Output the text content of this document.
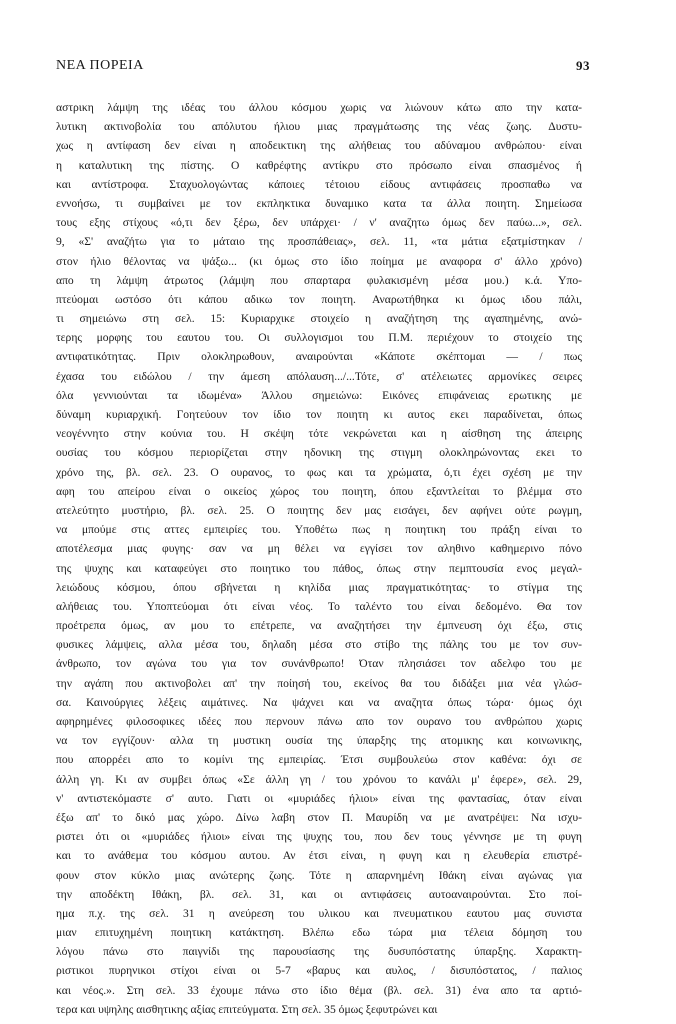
ΝΕΑ ΠΟΡΕΙΑ	93
αστρικη λάμψη της ιδέας του άλλου κόσμου χωρις να λιώνουν κάτω απο την κατα-
λυτικη ακτινοβολία του απόλυτου ήλιου μιας πραγμάτωσης της νέας ζωης. Δυστυ-
χως η αντίφαση δεν είναι η αποδεικτικη της αλήθειας του αδύναμου ανθρώπου· είναι
η καταλυτικη της πίστης. Ο καθρέφτης αντίκρυ στο πρόσωπο είναι σπασμένος ή
και αντίστροφα. Σταχυολογώντας κάποιες τέτοιου είδους αντιφάσεις προσπαθω να
εννοήσω, τι συμβαίνει με τον εκπληκτικα δυναμικο κατα τα άλλα ποιητη. Σημείωσα
τους εξης στίχους «ό,τι δεν ξέρω, δεν υπάρχει· / ν' αναζητω όμως δεν παύω...», σελ.
9, «Σ' αναζήτω για το μάταιο της προσπάθειας», σελ. 11, «τα μάτια εξατμίστηκαν /
στον ήλιο θέλοντας να ψάξω... (κι όμως στο ίδιο ποίημα με αναφορα σ' άλλο χρόνο)
απο τη λάμψη άτρωτος (λάμψη που σπαρταρα φυλακισμένη μέσα μου.) κ.ά. Υπο-
πτεύομαι ωστόσο ότι κάπου αδικω τον ποιητη. Αναρωτήθηκα κι όμως ιδου πάλι,
τι σημειώνω στη σελ. 15: Κυριαρχικε στοιχείο η αναζήτηση της αγαπημένης, ανώ-
τερης μορφης του εαυτου του. Οι συλλογισμοι του Π.Μ. περιέχουν το στοιχείο της
αντιφατικότητας. Πριν ολοκληρωθουν, αναιρούνται «Κάποτε σκέπτομαι — / πως
έχασα του ειδώλου / την άμεση απόλαυση.../...Τότε, σ' ατέλειωτες αρμονίκες σειρες
όλα γεννιούνται τα ιδωμένα» Άλλου σημειώνω: Εικόνες επιφάνειας ερωτικης με
δύναμη κυριαρχική. Γοητεύουν τον ίδιο τον ποιητη κι αυτος εκει παραδίνεται, όπως
νεογέννητο στην κούνια του. Η σκέψη τότε νεκρώνεται και η αίσθηση της άπειρης
ουσίας του κόσμου περιορίζεται στην ηδονικη της στιγμη ολοκληρώνοντας εκει το
χρόνο της, βλ. σελ. 23. Ο ουρανος, το φως και τα χρώματα, ό,τι έχει σχέση με την
αφη του απείρου είναι ο οικείος χώρος του ποιητη, όπου εξαντλείται το βλέμμα στο
ατελεύτητο μυστήριο, βλ. σελ. 25. Ο ποιητης δεν μας εισάγει, δεν αφήνει ούτε ρωγμη,
να μπούμε στις αττες εμπειρίες του. Υποθέτω πως η ποιητικη του πράξη είναι το
αποτέλεσμα μιας φυγης· σαν να μη θέλει να εγγίσει τον αληθινο καθημερινο πόνο
της ψυχης και καταφεύγει στο ποιητικο του πάθος, όπως στην πεμπτουσία ενος μεγαλ-
λειώδους κόσμου, όπου σβήνεται η κηλίδα μιας πραγματικότητας· το στίγμα της
αλήθειας του. Υποπτεύομαι ότι είναι νέος. Το ταλέντο του είναι δεδομένο. Θα τον
προέτρεπα όμως, αν μου το επέτρεπε, να αναζητήσει την έμπνευση όχι έξω, στις
φυσικες λάμψεις, αλλα μέσα του, δηλαδη μέσα στο στίβο της πάλης του με τον συν-
άνθρωπο, τον αγώνα του για τον συνάνθρωπο! Όταν πλησιάσει τον αδελφο του με
την αγάπη που ακτινοβολει απ' την ποίησή του, εκείνος θα του διδάξει μια νέα γλώσ-
σα. Καινούργιες λέξεις αιμάτινες. Να ψάχνει και να αναζητα όπως τώρα· όμως όχι
αφηρημένες φιλοσοφικες ιδέες που περνουν πάνω απο τον ουρανο του ανθρώπου χωρις
να τον εγγίζουν· αλλα τη μυστικη ουσία της ύπαρξης της ατομικης και κοινωνικης,
που απορρέει απο το κομίνι της εμπειρίας. Έτσι συμβουλεύω στον καθένα: όχι σε
άλλη γη. Κι αν συμβει όπως «Σε άλλη γη / του χρόνου το κανάλι μ' έφερε», σελ. 29,
ν' αντιστεκόμαστε σ' αυτο. Γιατι οι «μυριάδες ήλιοι» είναι της φαντασίας, όταν είναι
έξω απ' το δικό μας χώρο. Δίνω λαβη στον Π. Μαυρίδη να με ανατρέψει: Να ισχυ-
ριστει ότι οι «μυριάδες ήλιοι» είναι της ψυχης του, που δεν τους γέννησε με τη φυγη
και το ανάθεμα του κόσμου αυτου. Αν έτσι είναι, η φυγη και η ελευθερία επιστρέ-
φουν στον κύκλο μιας ανώτερης ζωης. Τότε η απαρνημένη Ιθάκη είναι αγώνας για
την αποδέκτη Ιθάκη, βλ. σελ. 31, και οι αντιφάσεις αυτοαναιρούνται. Στο ποί-
ημα π.χ. της σελ. 31 η ανεύρεση του υλικου και πνευματικου εαυτου μας συνιστα
μιαν επιτυχημένη ποιητικη κατάκτηση. Βλέπω εδω τώρα μια τέλεια δόμηση του
λόγου πάνω στο παιγνίδι της παρουσίασης της δυσυπόστατης ύπαρξης. Χαρακτη-
ριστικοι πυρηνικοι στίχοι είναι οι 5-7 «βαρυς και αυλος, / δισυπόστατος, / παλιος
και νέος.». Στη σελ. 33 έχουμε πάνω στο ίδιο θέμα (βλ. σελ. 31) ένα απο τα αρτιό-
τερα και υψηλης αισθητικης αξίας επιτεύγματα. Στη σελ. 35 όμως ξεφυτρώνει και
